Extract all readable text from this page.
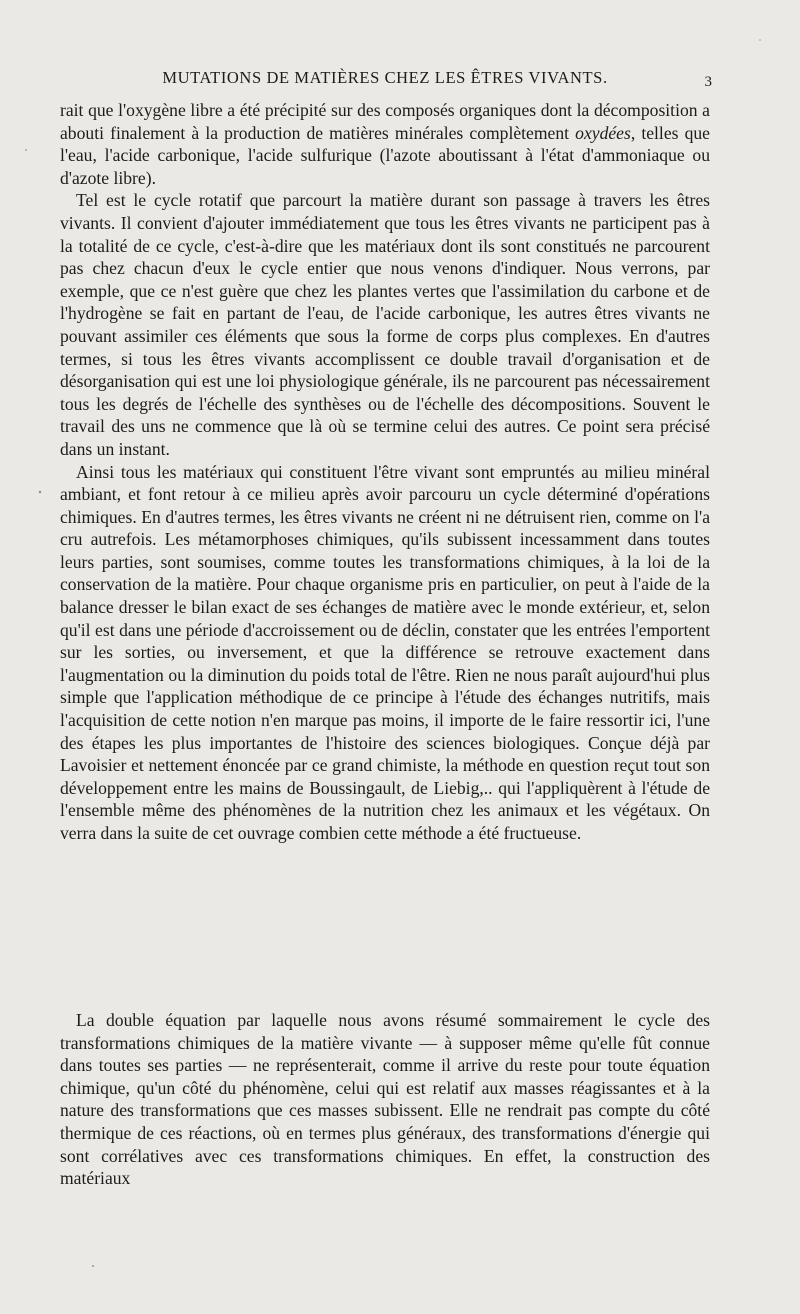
MUTATIONS DE MATIÈRES CHEZ LES ÊTRES VIVANTS.	3

rait que l'oxygène libre a été précipité sur des composés organiques dont la décomposition a abouti finalement à la production de matières minérales complètement oxydées, telles que l'eau, l'acide carbonique, l'acide sulfurique (l'azote aboutissant à l'état d'ammoniaque ou d'azote libre).

Tel est le cycle rotatif que parcourt la matière durant son passage à travers les êtres vivants. Il convient d'ajouter immédiatement que tous les êtres vivants ne participent pas à la totalité de ce cycle, c'est-à-dire que les matériaux dont ils sont constitués ne parcourent pas chez chacun d'eux le cycle entier que nous venons d'indiquer. Nous verrons, par exemple, que ce n'est guère que chez les plantes vertes que l'assimilation du carbone et de l'hydrogène se fait en partant de l'eau, de l'acide carbonique, les autres êtres vivants ne pouvant assimiler ces éléments que sous la forme de corps plus complexes. En d'autres termes, si tous les êtres vivants accomplissent ce double travail d'organisation et de désorganisation qui est une loi physiologique générale, ils ne parcourent pas nécessairement tous les degrés de l'échelle des synthèses ou de l'échelle des décompositions. Souvent le travail des uns ne commence que là où se termine celui des autres. Ce point sera précisé dans un instant.

Ainsi tous les matériaux qui constituent l'être vivant sont empruntés au milieu minéral ambiant, et font retour à ce milieu après avoir parcouru un cycle déterminé d'opérations chimiques. En d'autres termes, les êtres vivants ne créent ni ne détruisent rien, comme on l'a cru autrefois. Les métamorphoses chimiques, qu'ils subissent incessamment dans toutes leurs parties, sont soumises, comme toutes les transformations chimiques, à la loi de la conservation de la matière. Pour chaque organisme pris en particulier, on peut à l'aide de la balance dresser le bilan exact de ses échanges de matière avec le monde extérieur, et, selon qu'il est dans une période d'accroissement ou de déclin, constater que les entrées l'emportent sur les sorties, ou inversement, et que la différence se retrouve exactement dans l'augmentation ou la diminution du poids total de l'être. Rien ne nous paraît aujourd'hui plus simple que l'application méthodique de ce principe à l'étude des échanges nutritifs, mais l'acquisition de cette notion n'en marque pas moins, il importe de le faire ressortir ici, l'une des étapes les plus importantes de l'histoire des sciences biologiques. Conçue déjà par Lavoisier et nettement énoncée par ce grand chimiste, la méthode en question reçut tout son développement entre les mains de Boussingault, de Liebig,.. qui l'appliquèrent à l'étude de l'ensemble même des phénomènes de la nutrition chez les animaux et les végétaux. On verra dans la suite de cet ouvrage combien cette méthode a été fructueuse.

La double équation par laquelle nous avons résumé sommairement le cycle des transformations chimiques de la matière vivante — à supposer même qu'elle fût connue dans toutes ses parties — ne représenterait, comme il arrive du reste pour toute équation chimique, qu'un côté du phénomène, celui qui est relatif aux masses réagissantes et à la nature des transformations que ces masses subissent. Elle ne rendrait pas compte du côté thermique de ces réactions, où en termes plus généraux, des transformations d'énergie qui sont corrélatives avec ces transformations chimiques. En effet, la construction des matériaux
